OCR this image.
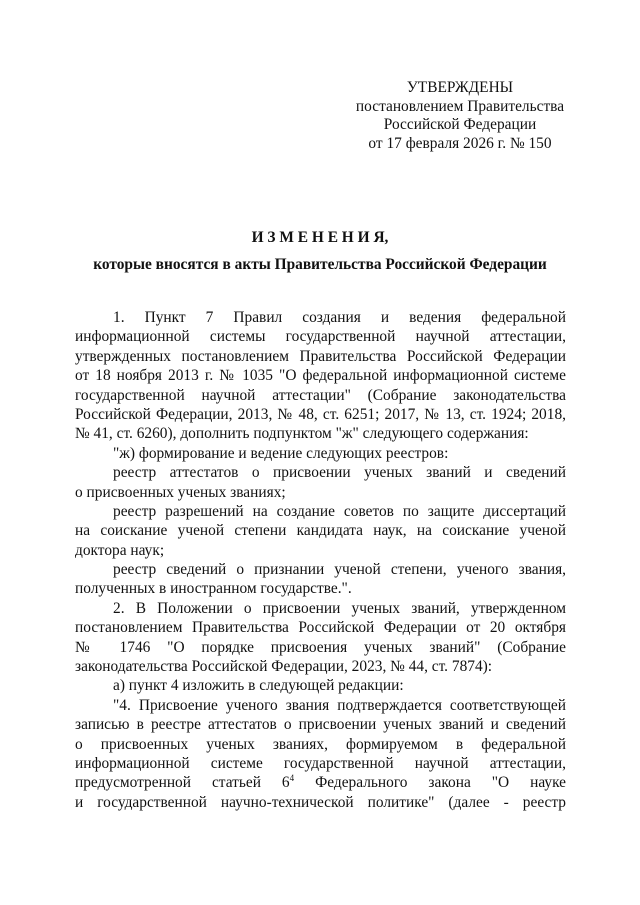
УТВЕРЖДЕНЫ
постановлением Правительства
Российской Федерации
от 17 февраля 2026 г. № 150
И З М Е Н Е Н И Я,
которые вносятся в акты Правительства Российской Федерации
1. Пункт 7 Правил создания и ведения федеральной
информационной системы государственной научной аттестации,
утвержденных постановлением Правительства Российской Федерации
от 18 ноября 2013 г. № 1035 "О федеральной информационной системе
государственной научной аттестации" (Собрание законодательства
Российской Федерации, 2013, № 48, ст. 6251; 2017, № 13, ст. 1924; 2018,
№ 41, ст. 6260), дополнить подпунктом "ж" следующего содержания:
"ж) формирование и ведение следующих реестров:
реестр аттестатов о присвоении ученых званий и сведений
о присвоенных ученых званиях;
реестр разрешений на создание советов по защите диссертаций
на соискание ученой степени кандидата наук, на соискание ученой
доктора наук;
реестр сведений о признании ученой степени, ученого звания,
полученных в иностранном государстве.".
2. В Положении о присвоении ученых званий, утвержденном
постановлением Правительства Российской Федерации от 20 октября
№ 1746 "О порядке присвоения ученых званий" (Собрание
законодательства Российской Федерации, 2023, № 44, ст. 7874):
а) пункт 4 изложить в следующей редакции:
"4. Присвоение ученого звания подтверждается соответствующей
записью в реестре аттестатов о присвоении ученых званий и сведений
о присвоенных ученых званиях, формируемом в федеральной
информационной системе государственной научной аттестации,
предусмотренной статьей $6^4$ Федерального закона "О науке
и государственной научно-технической политике" (далее - реестр
